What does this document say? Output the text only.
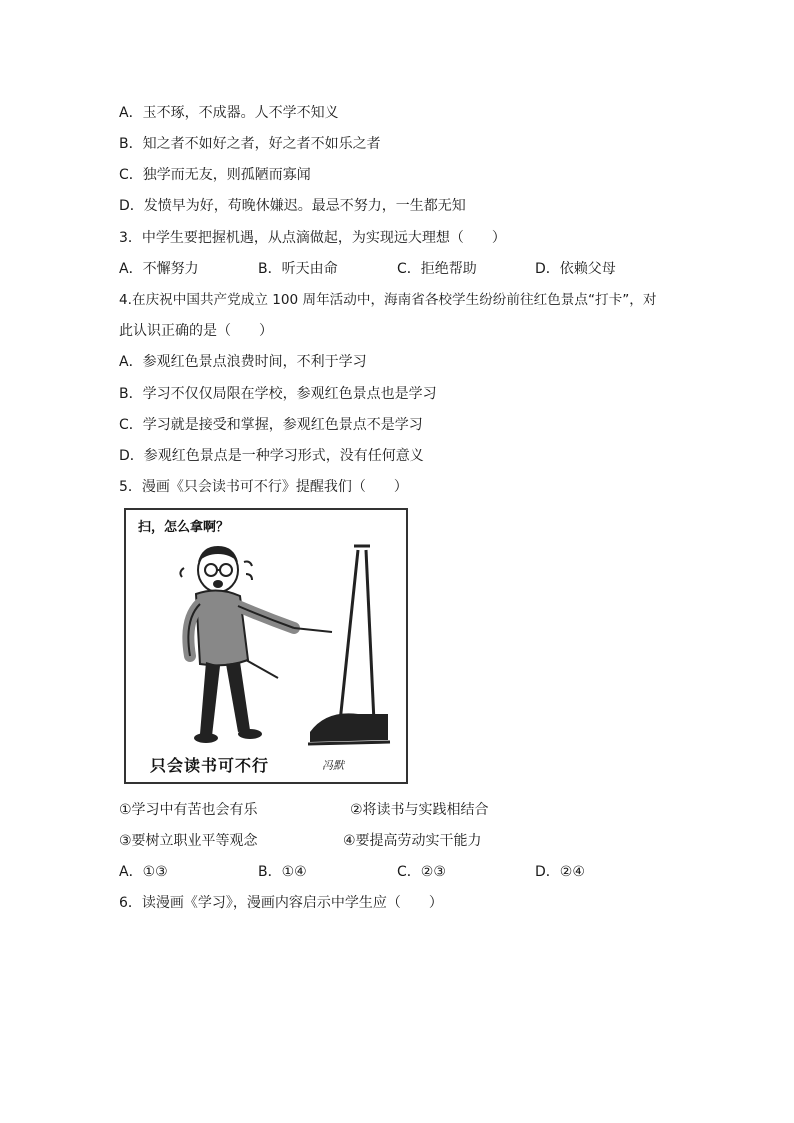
A．玉不琢，不成器。人不学不知义
B．知之者不如好之者，好之者不如乐之者
C．独学而无友，则孤陋而寡闻
D．发愤早为好，苟晚休嫌迟。最忌不努力，一生都无知
3．中学生要把握机遇，从点滴做起，为实现远大理想（　　）
A．不懈努力	B．听天由命	C．拒绝帮助	D．依赖父母
4.在庆祝中国共产党成立 100 周年活动中，海南省各校学生纷纷前往红色景点“打卡”，对
此认识正确的是（　　）
A．参观红色景点浪费时间，不利于学习
B．学习不仅仅局限在学校，参观红色景点也是学习
C．学习就是接受和掌握，参观红色景点不是学习
D．参观红色景点是一种学习形式，没有任何意义
5．漫画《只会读书可不行》提醒我们（　　）
扫，怎么拿啊？
只会读书可不行	冯默
①学习中有苦也会有乐	②将读书与实践相结合
③要树立职业平等观念	④要提高劳动实干能力
A．①③	B．①④	C．②③	D．②④
6．读漫画《学习》，漫画内容启示中学生应（　　）
